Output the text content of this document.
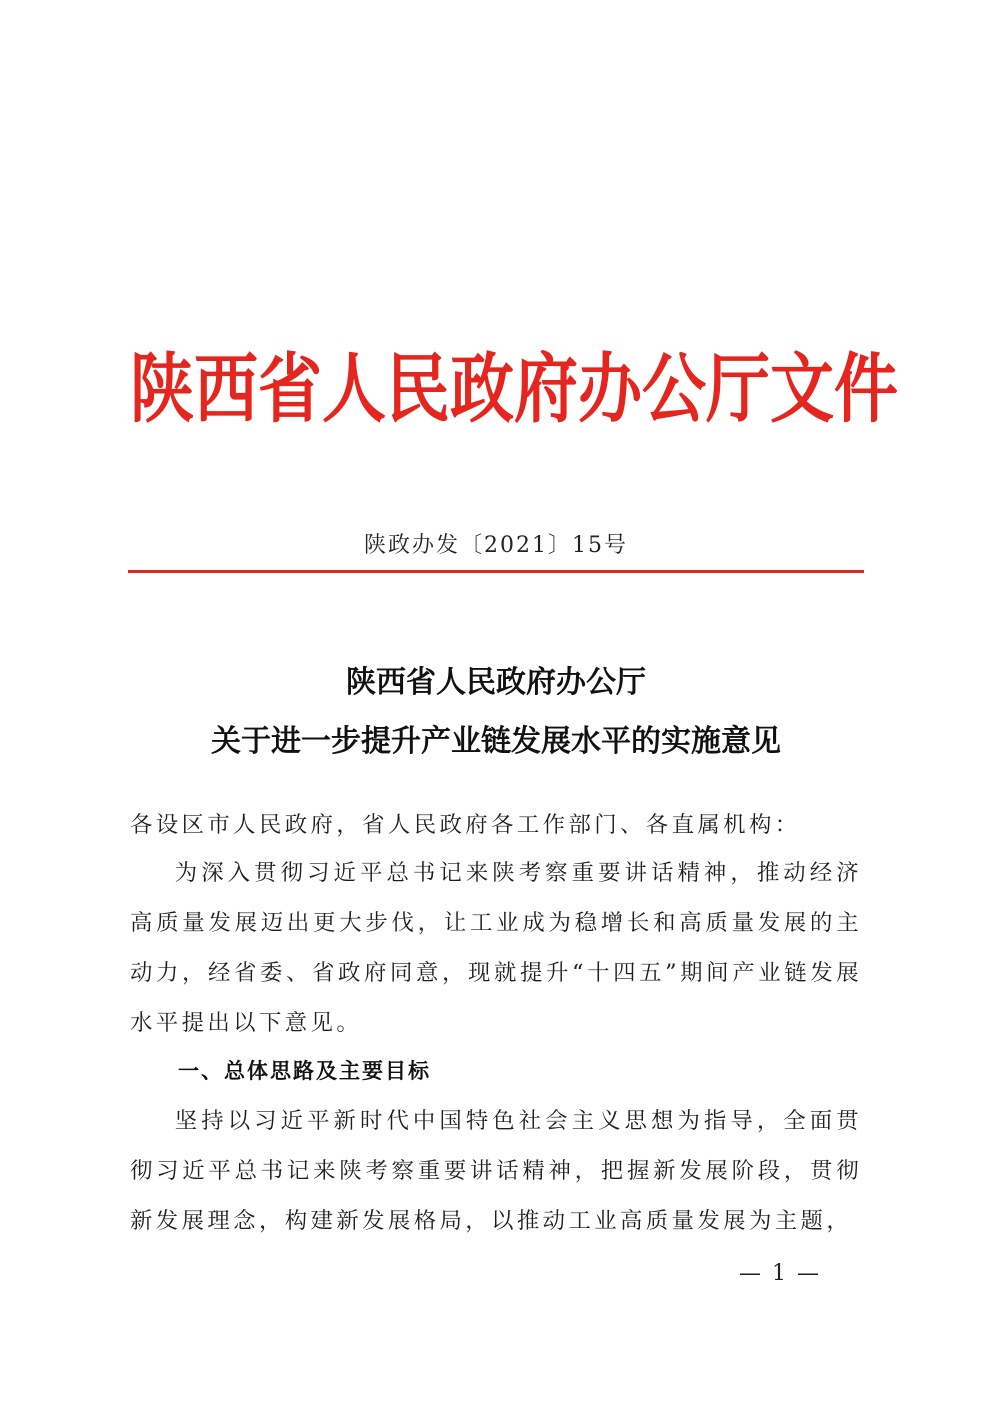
陕西省人民政府办公厅文件
陕政办发〔2021〕15号
陕西省人民政府办公厅
关于进一步提升产业链发展水平的实施意见
各设区市人民政府，省人民政府各工作部门、各直属机构：

为深入贯彻习近平总书记来陕考察重要讲话精神，推动经济高质量发展迈出更大步伐，让工业成为稳增长和高质量发展的主动力，经省委、省政府同意，现就提升“十四五”期间产业链发展水平提出以下意见。

一、总体思路及主要目标

坚持以习近平新时代中国特色社会主义思想为指导，全面贯彻习近平总书记来陕考察重要讲话精神，把握新发展阶段，贯彻新发展理念，构建新发展格局，以推动工业高质量发展为主题，

— 1 —
